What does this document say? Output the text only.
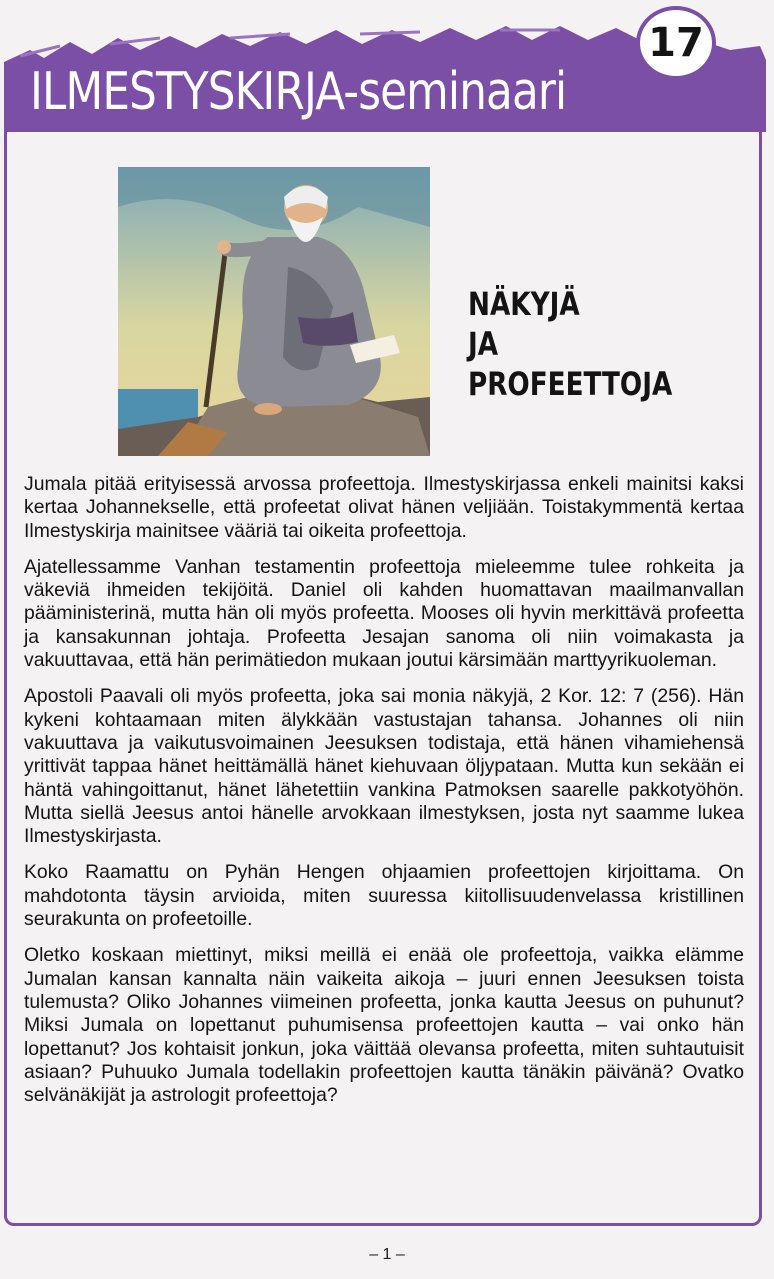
ILMESTYSKIRJA-seminaari
17
NÄKYJÄ
JA
PROFEETTOJA

Jumala pitää erityisessä arvossa profeettoja. Ilmestyskirjassa enkeli mainitsi kaksi kertaa Johannekselle, että profeetat olivat hänen veljiään. Toistakymmentä kertaa Ilmestyskirja mainitsee vääriä tai oikeita profeettoja.

Ajatellessamme Vanhan testamentin profeettoja mieleemme tulee rohkeita ja väkeviä ihmeiden tekijöitä. Daniel oli kahden huomattavan maailmanvallan pääministerinä, mutta hän oli myös profeetta. Mooses oli hyvin merkittävä profeetta ja kansakunnan johtaja. Profeetta Jesajan sanoma oli niin voimakasta ja vakuuttavaa, että hän perimätiedon mukaan joutui kärsimään marttyyrikuoleman.

Apostoli Paavali oli myös profeetta, joka sai monia näkyjä, 2 Kor. 12: 7 (256). Hän kykeni kohtaamaan miten älykkään vastustajan tahansa. Johannes oli niin vakuuttava ja vaikutusvoimainen Jeesuksen todistaja, että hänen vihamiehensä yrittivät tappaa hänet heittämällä hänet kiehuvaan öljypataan. Mutta kun sekään ei häntä vahingoittanut, hänet lähetettiin vankina Patmoksen saarelle pakkotyöhön. Mutta siellä Jeesus antoi hänelle arvokkaan ilmestyksen, josta nyt saamme lukea Ilmestyskirjasta.

Koko Raamattu on Pyhän Hengen ohjaamien profeettojen kirjoittama. On mahdotonta täysin arvioida, miten suuressa kiitollisuudenvelassa kristillinen seurakunta on profeetoille.

Oletko koskaan miettinyt, miksi meillä ei enää ole profeettoja, vaikka elämme Jumalan kansan kannalta näin vaikeita aikoja – juuri ennen Jeesuksen toista tulemusta? Oliko Johannes viimeinen profeetta, jonka kautta Jeesus on puhunut? Miksi Jumala on lopettanut puhumisensa profeettojen kautta – vai onko hän lopettanut? Jos kohtaisit jonkun, joka väittää olevansa profeetta, miten suhtautuisit asiaan? Puhuuko Jumala todellakin profeettojen kautta tänäkin päivänä? Ovatko selvänäkijät ja astrologit profeettoja?

– 1 –
